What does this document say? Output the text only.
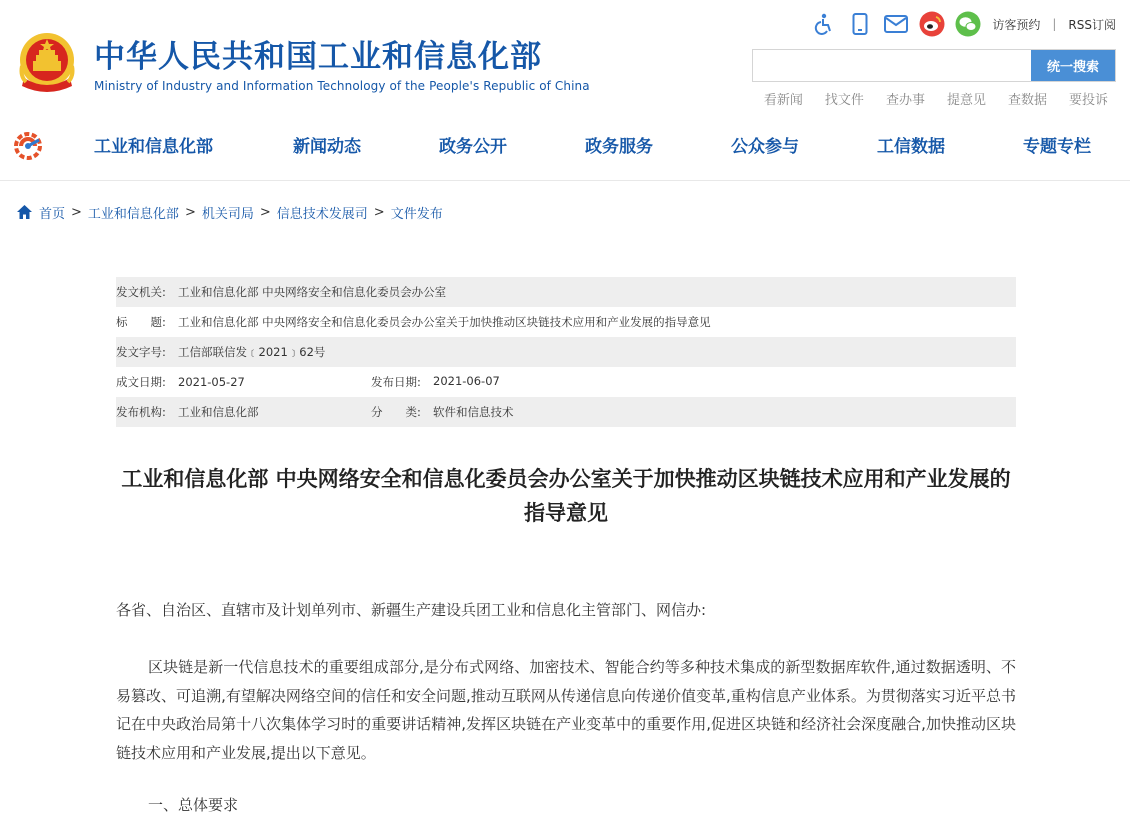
中华人民共和国工业和信息化部
Ministry of Industry and Information Technology of the People's Republic of China
访客预约 | RSS订阅
统一搜索
看新闻 找文件 查办事 提意见 查数据 要投诉
工业和信息化部	新闻动态	政务公开	政务服务	公众参与	工信数据	专题专栏
首页 > 工业和信息化部 > 机关司局 > 信息技术发展司 > 文件发布
发文机关:	工业和信息化部 中央网络安全和信息化委员会办公室
标　　题:	工业和信息化部 中央网络安全和信息化委员会办公室关于加快推动区块链技术应用和产业发展的指导意见
发文字号:	工信部联信发﹝2021﹞62号
成文日期:	2021-05-27	发布日期:	2021-06-07
发布机构:	工业和信息化部	分　　类:	软件和信息技术
工业和信息化部 中央网络安全和信息化委员会办公室关于加快推动区块链技术应用和产业发展的指导意见

各省、自治区、直辖市及计划单列市、新疆生产建设兵团工业和信息化主管部门、网信办:

区块链是新一代信息技术的重要组成部分,是分布式网络、加密技术、智能合约等多种技术集成的新型数据库软件,通过数据透明、不易篡改、可追溯,有望解决网络空间的信任和安全问题,推动互联网从传递信息向传递价值变革,重构信息产业体系。为贯彻落实习近平总书记在中央政治局第十八次集体学习时的重要讲话精神,发挥区块链在产业变革中的重要作用,促进区块链和经济社会深度融合,加快推动区块链技术应用和产业发展,提出以下意见。

一、总体要求
